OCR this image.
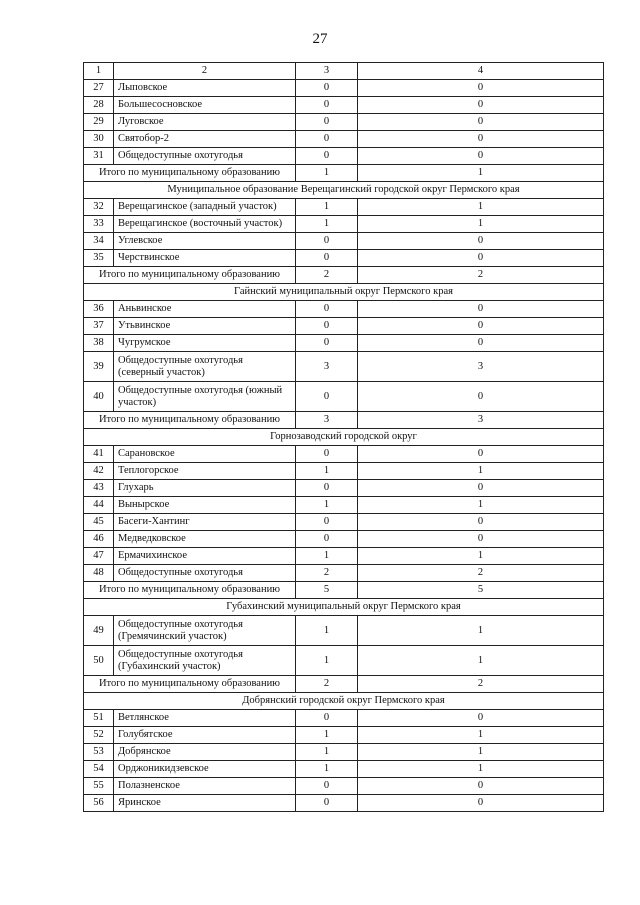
27
1	2	3	4
27	Лыповское	0	0
28	Большесосновское	0	0
29	Луговское	0	0
30	Святобор-2	0	0
31	Общедоступные охотугодья	0	0
Итого по муниципальному образованию		1	1
Муниципальное образование Верещагинский городской округ Пермского края			
32	Верещагинское (западный участок)	1	1
33	Верещагинское (восточный участок)	1	1
34	Углевское	0	0
35	Черствинское	0	0
Итого по муниципальному образованию		2	2
Гайнский муниципальный округ Пермского края			
36	Аньвинское	0	0
37	Утьвинское	0	0
38	Чугрумское	0	0
39	Общедоступные охотугодья (северный участок)	3	3
40	Общедоступные охотугодья (южный участок)	0	0
Итого по муниципальному образованию		3	3
Горнозаводский городской округ			
41	Сарановское	0	0
42	Теплогорское	1	1
43	Глухарь	0	0
44	Вынырское	1	1
45	Басеги-Хантинг	0	0
46	Медведковское	0	0
47	Ермачихинское	1	1
48	Общедоступные охотугодья	2	2
Итого по муниципальному образованию		5	5
Губахинский муниципальный округ Пермского края			
49	Общедоступные охотугодья (Гремячинский участок)	1	1
50	Общедоступные охотугодья (Губахинский участок)	1	1
Итого по муниципальному образованию		2	2
Добрянский городской округ Пермского края			
51	Ветлянское	0	0
52	Голубятское	1	1
53	Добрянское	1	1
54	Орджоникидзевское	1	1
55	Полазненское	0	0
56	Яринское	0	0
